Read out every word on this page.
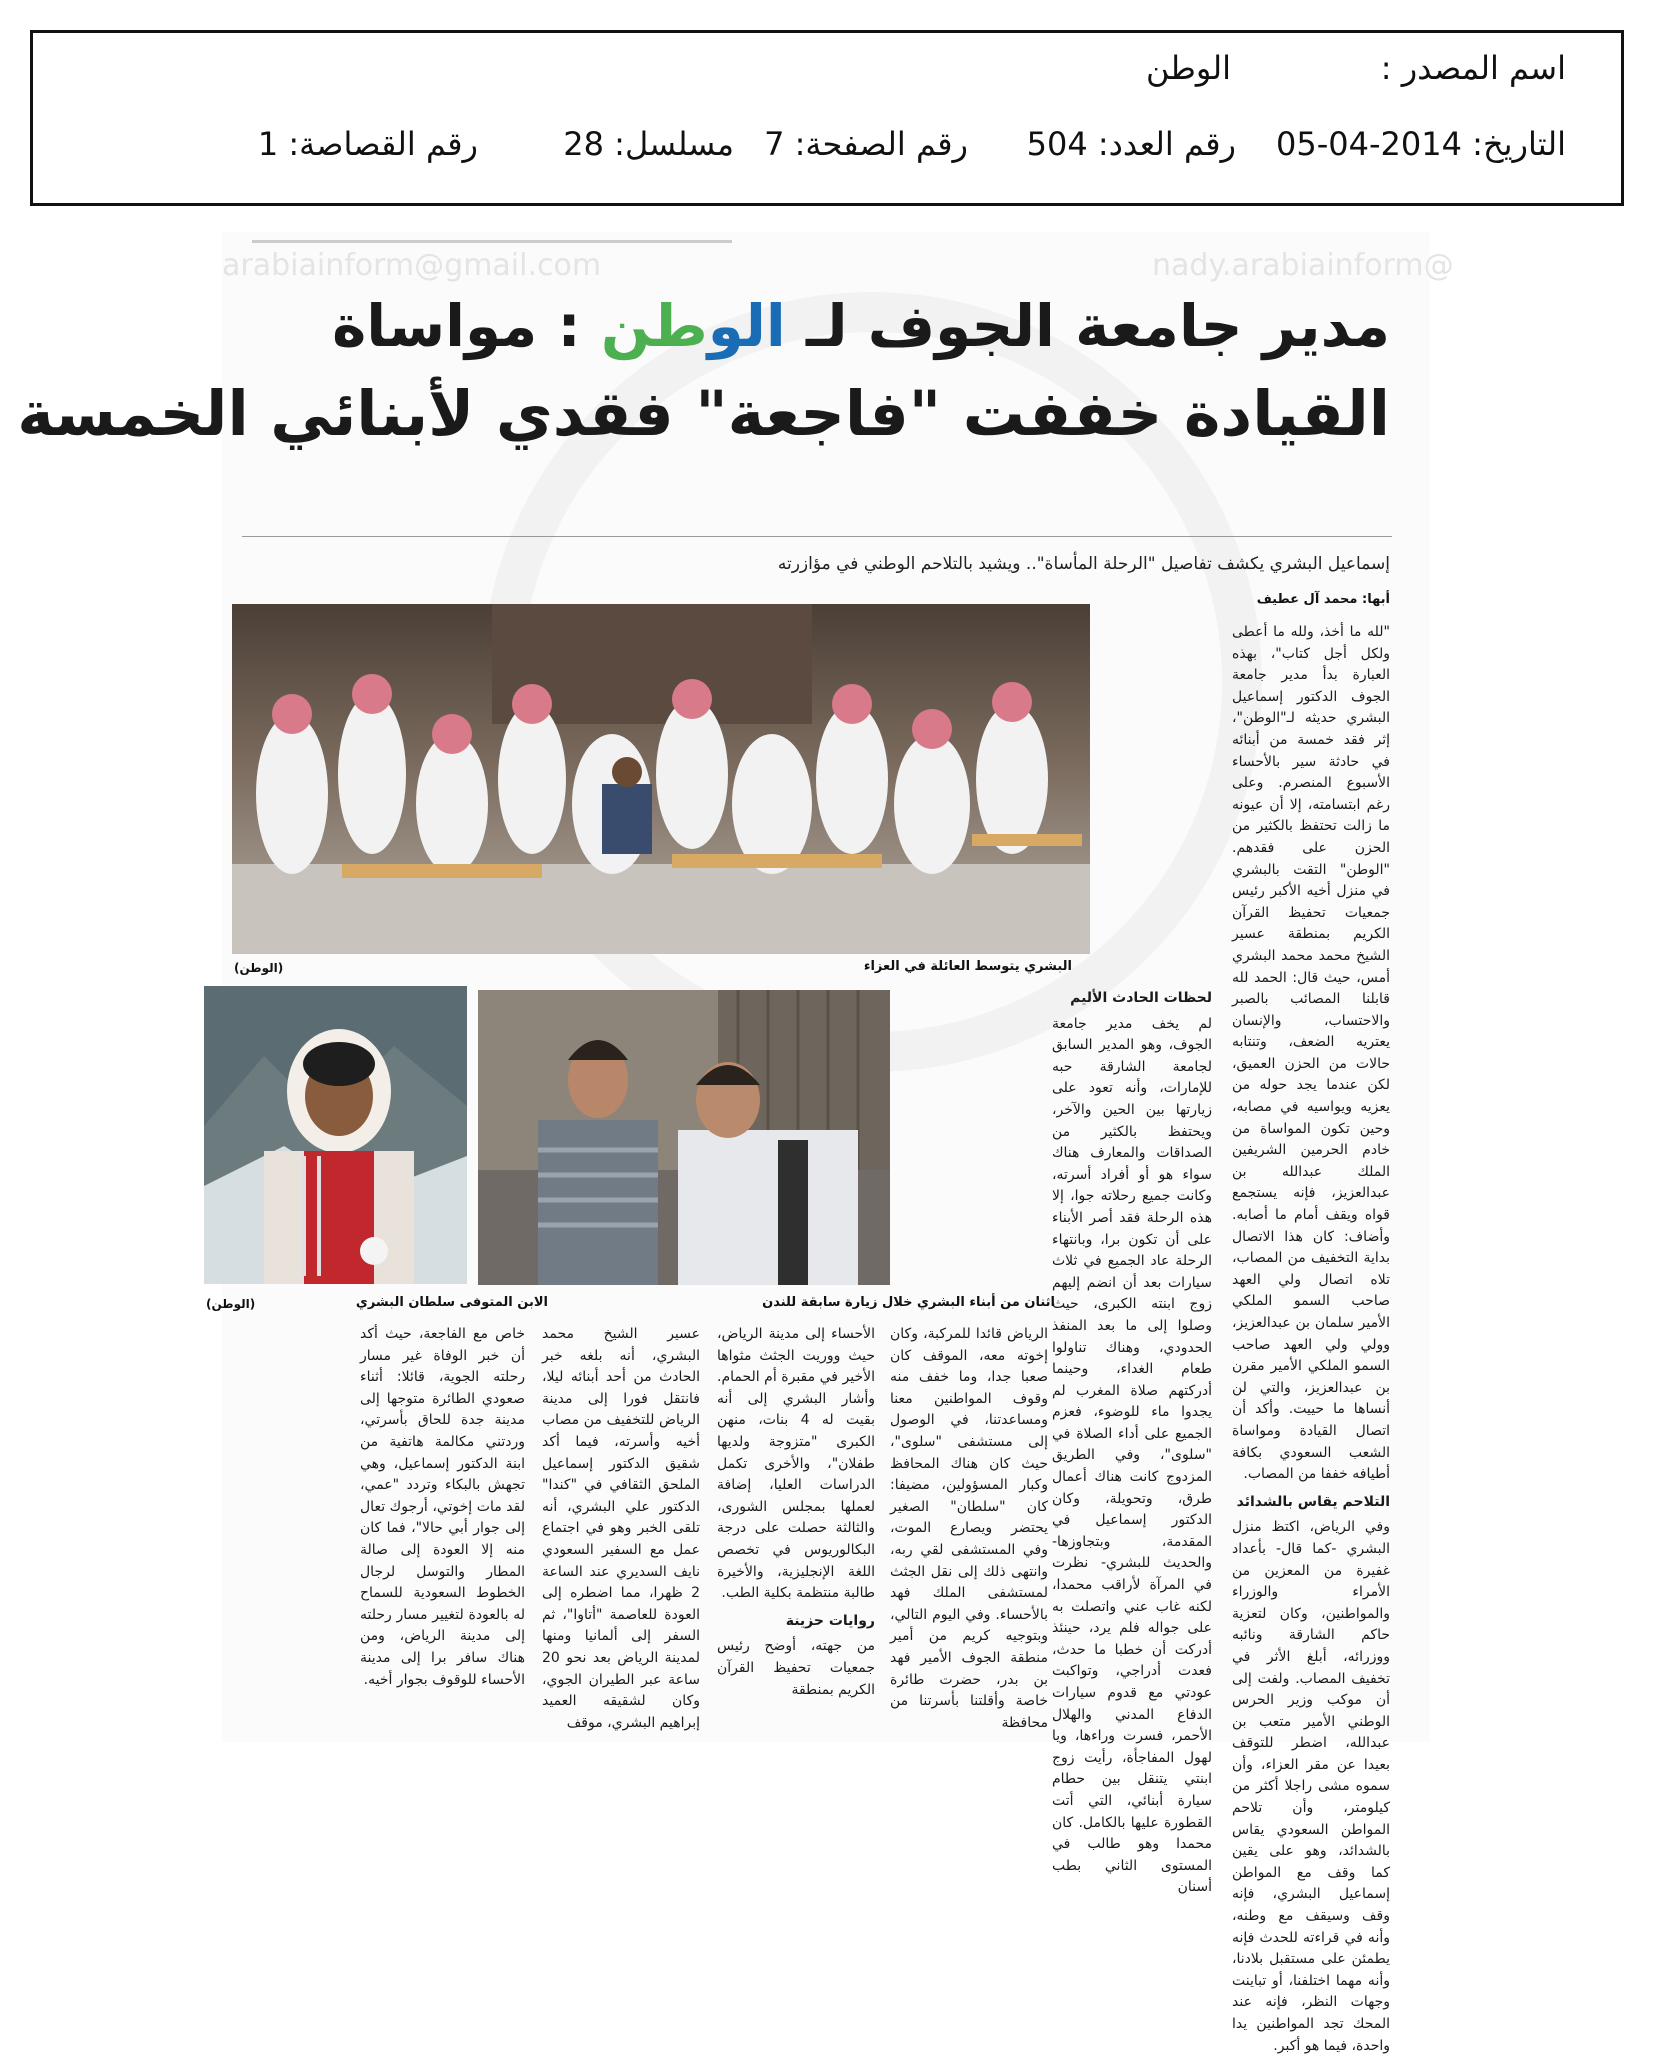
اسم المصدر :
الوطن
التاريخ: 2014-04-05
رقم العدد: 504
رقم الصفحة: 7
مسلسل: 28
رقم القصاصة: 1
arabiainform@gmail.com	nady.arabiainform@
مدير جامعة الجوف لـ الوطن : مواساة
القيادة خففت "فاجعة" فقدي لأبنائي الخمسة
إسماعيل البشري يكشف تفاصيل "الرحلة المأساة".. ويشيد بالتلاحم الوطني في مؤازرته
أبها: محمد آل عطيف
"لله ما أخذ، ولله ما أعطى ولكل أجل كتاب"، بهذه العبارة بدأ مدير جامعة الجوف الدكتور إسماعيل البشري حديثه لـ"الوطن"، إثر فقد خمسة من أبنائه في حادثة سير بالأحساء الأسبوع المنصرم. وعلى رغم ابتسامته، إلا أن عيونه ما زالت تحتفظ بالكثير من الحزن على فقدهم. "الوطن" التقت بالبشري في منزل أخيه الأكبر رئيس جمعيات تحفيظ القرآن الكريم بمنطقة عسير الشيخ محمد محمد البشري أمس، حيث قال: الحمد لله قابلنا المصائب بالصبر والاحتساب، والإنسان يعتريه الضعف، وتنتابه حالات من الحزن العميق، لكن عندما يجد حوله من يعزيه ويواسيه في مصابه، وحين تكون المواساة من خادم الحرمين الشريفين الملك عبدالله بن عبدالعزيز، فإنه يستجمع قواه ويقف أمام ما أصابه. وأضاف: كان هذا الاتصال بداية التخفيف من المصاب، تلاه اتصال ولي العهد صاحب السمو الملكي الأمير سلمان بن عبدالعزيز، وولي ولي العهد صاحب السمو الملكي الأمير مقرن بن عبدالعزيز، والتي لن أنساها ما حييت. وأكد أن اتصال القيادة ومواساة الشعب السعودي بكافة أطيافه خففا من المصاب.
التلاحم يقاس بالشدائد
وفي الرياض، اكتظ منزل البشري -كما قال- بأعداد غفيرة من المعزين من الأمراء والوزراء والمواطنين، وكان لتعزية حاكم الشارقة ونائبه ووزرائه، أبلغ الأثر في تخفيف المصاب. ولفت إلى أن موكب وزير الحرس الوطني الأمير متعب بن عبدالله، اضطر للتوقف بعيدا عن مقر العزاء، وأن سموه مشى راجلا أكثر من كيلومتر، وأن تلاحم المواطن السعودي يقاس بالشدائد، وهو على يقين كما وقف مع المواطن إسماعيل البشري، فإنه وقف وسيقف مع وطنه، وأنه في قراءته للحدث فإنه يطمئن على مستقبل بلادنا، وأنه مهما اختلفنا، أو تباينت وجهات النظر، فإنه عند المحك تجد المواطنين يدا واحدة، فيما هو أكبر.
البشري يتوسط العائلة في العزاء
(الوطن)
لحظات الحادث الأليم
لم يخف مدير جامعة الجوف، وهو المدير السابق لجامعة الشارقة حبه للإمارات، وأنه تعود على زيارتها بين الحين والآخر، ويحتفظ بالكثير من الصداقات والمعارف هناك سواء هو أو أفراد أسرته، وكانت جميع رحلاته جوا، إلا هذه الرحلة فقد أصر الأبناء على أن تكون برا، وبانتهاء الرحلة عاد الجميع في ثلاث سيارات بعد أن انضم إليهم زوج ابنته الكبرى، حيث وصلوا إلى ما بعد المنفذ الحدودي، وهناك تناولوا طعام الغداء، وحينما أدركتهم صلاة المغرب لم يجدوا ماء للوضوء، فعزم الجميع على أداء الصلاة في "سلوى"، وفي الطريق المزدوج كانت هناك أعمال طرق، وتحويلة، وكان الدكتور إسماعيل في المقدمة، وبتجاوزها- والحديث للبشري- نظرت في المرآة لأراقب محمدا، لكنه غاب عني واتصلت به على جواله فلم يرد، حينئذ أدركت أن خطبا ما حدث، فعدت أدراجي، وتواكبت عودتي مع قدوم سيارات الدفاع المدني والهلال الأحمر، فسرت وراءها، ويا لهول المفاجأة، رأيت زوج ابنتي يتنقل بين حطام سيارة أبنائي، التي أتت القطورة عليها بالكامل. كان محمدا وهو طالب في المستوى الثاني بطب أسنان
اثنان من أبناء البشري خلال زيارة سابقة للندن
الابن المتوفى سلطان البشري
(الوطن)
الرياض قائدا للمركبة، وكان إخوته معه، الموقف كان صعبا جدا، وما خفف منه وقوف المواطنين معنا ومساعدتنا، في الوصول إلى مستشفى "سلوى"، حيث كان هناك المحافظ وكبار المسؤولين، مضيفا: كان "سلطان" الصغير يحتضر ويصارع الموت، وفي المستشفى لقي ربه، وانتهى ذلك إلى نقل الجثث لمستشفى الملك فهد بالأحساء. وفي اليوم التالي، وبتوجيه كريم من أمير منطقة الجوف الأمير فهد بن بدر، حضرت طائرة خاصة وأقلتنا بأسرتنا من محافظة
الأحساء إلى مدينة الرياض، حيث ووريت الجثث مثواها الأخير في مقبرة أم الحمام. وأشار البشري إلى أنه بقيت له 4 بنات، منهن الكبرى "متزوجة ولديها طفلان"، والأخرى تكمل الدراسات العليا، إضافة لعملها بمجلس الشورى، والثالثة حصلت على درجة البكالوريوس في تخصص اللغة الإنجليزية، والأخيرة طالبة منتظمة بكلية الطب.
روايات حزينة
من جهته، أوضح رئيس جمعيات تحفيظ القرآن الكريم بمنطقة
عسير الشيخ محمد البشري، أنه بلغه خبر الحادث من أحد أبنائه ليلا، فانتقل فورا إلى مدينة الرياض للتخفيف من مصاب أخيه وأسرته، فيما أكد شقيق الدكتور إسماعيل الملحق الثقافي في "كندا" الدكتور علي البشري، أنه تلقى الخبر وهو في اجتماع عمل مع السفير السعودي نايف السديري عند الساعة 2 ظهرا، مما اضطره إلى العودة للعاصمة "أتاوا"، ثم السفر إلى ألمانيا ومنها لمدينة الرياض بعد نحو 20 ساعة عبر الطيران الجوي، وكان لشقيقه العميد إبراهيم البشري، موقف
خاص مع الفاجعة، حيث أكد أن خبر الوفاة غير مسار رحلته الجوية، قائلا: أثناء صعودي الطائرة متوجها إلى مدينة جدة للحاق بأسرتي، وردتني مكالمة هاتفية من ابنة الدكتور إسماعيل، وهي تجهش بالبكاء وتردد "عمي، لقد مات إخوتي، أرجوك تعال إلى جوار أبي حالا"، فما كان منه إلا العودة إلى صالة المطار والتوسل لرجال الخطوط السعودية للسماح له بالعودة لتغيير مسار رحلته إلى مدينة الرياض، ومن هناك سافر برا إلى مدينة الأحساء للوقوف بجوار أخيه.
